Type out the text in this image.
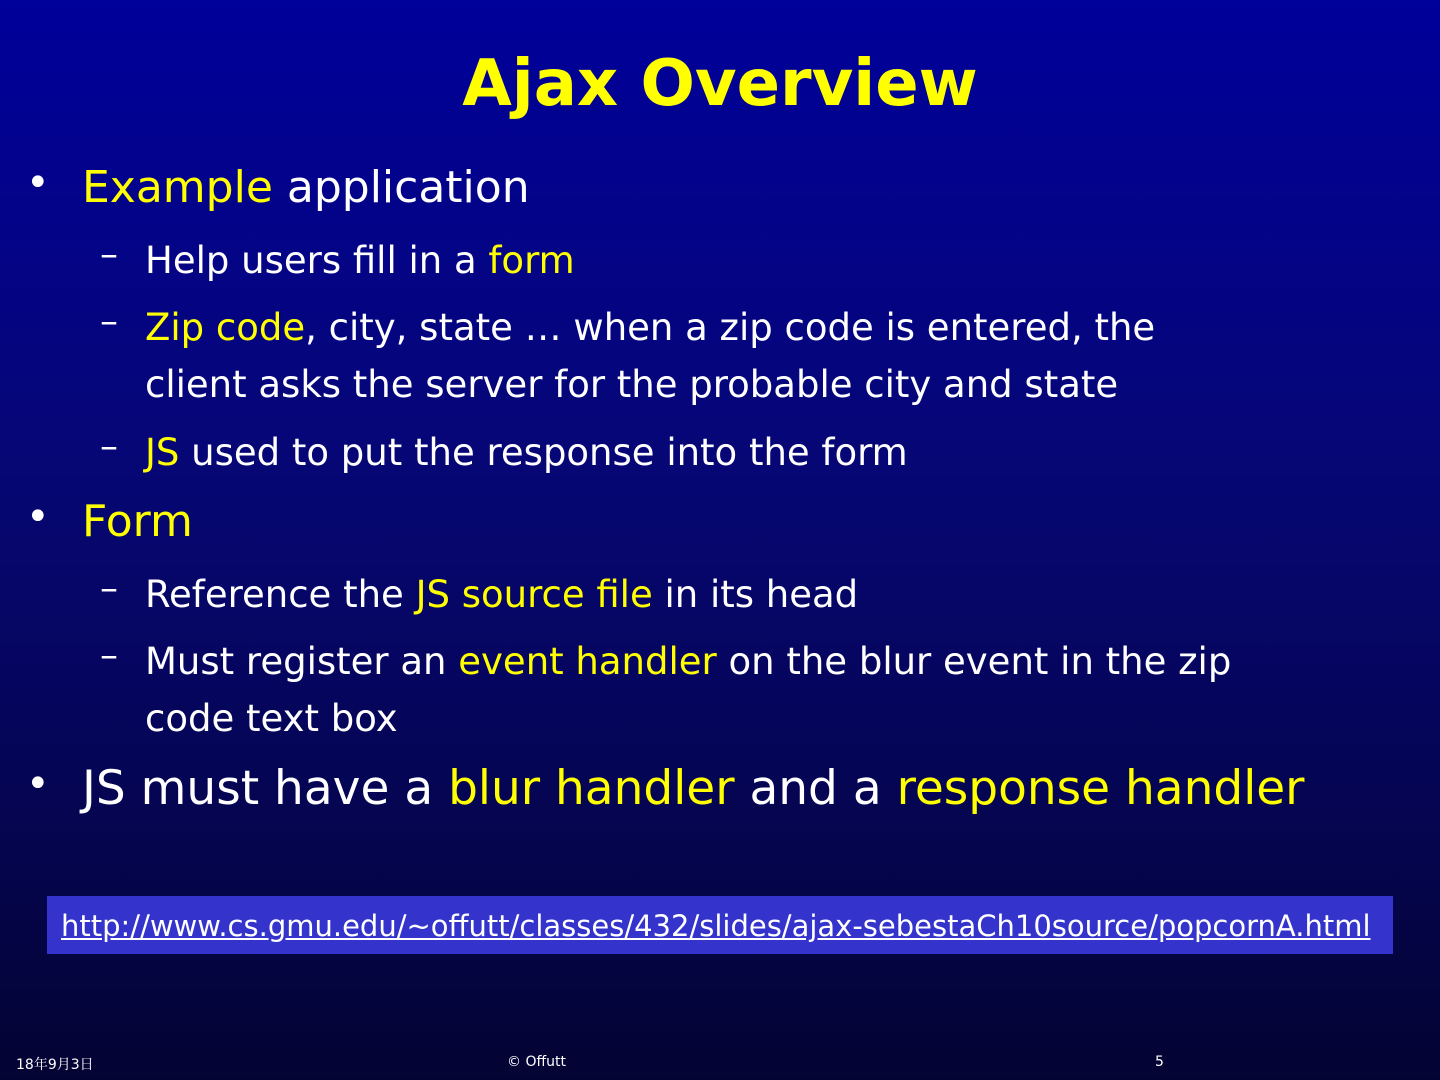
Ajax Overview
• Example application
– Help users fill in a form
– Zip code, city, state … when a zip code is entered, the
client asks the server for the probable city and state
– JS used to put the response into the form
• Form
– Reference the JS source file in its head
– Must register an event handler on the blur event in the zip
code text box
• JS must have a blur handler and a response handler
http://www.cs.gmu.edu/~offutt/classes/432/slides/ajax-sebestaCh10source/popcornA.html
18年9月3日	© Offutt	5
